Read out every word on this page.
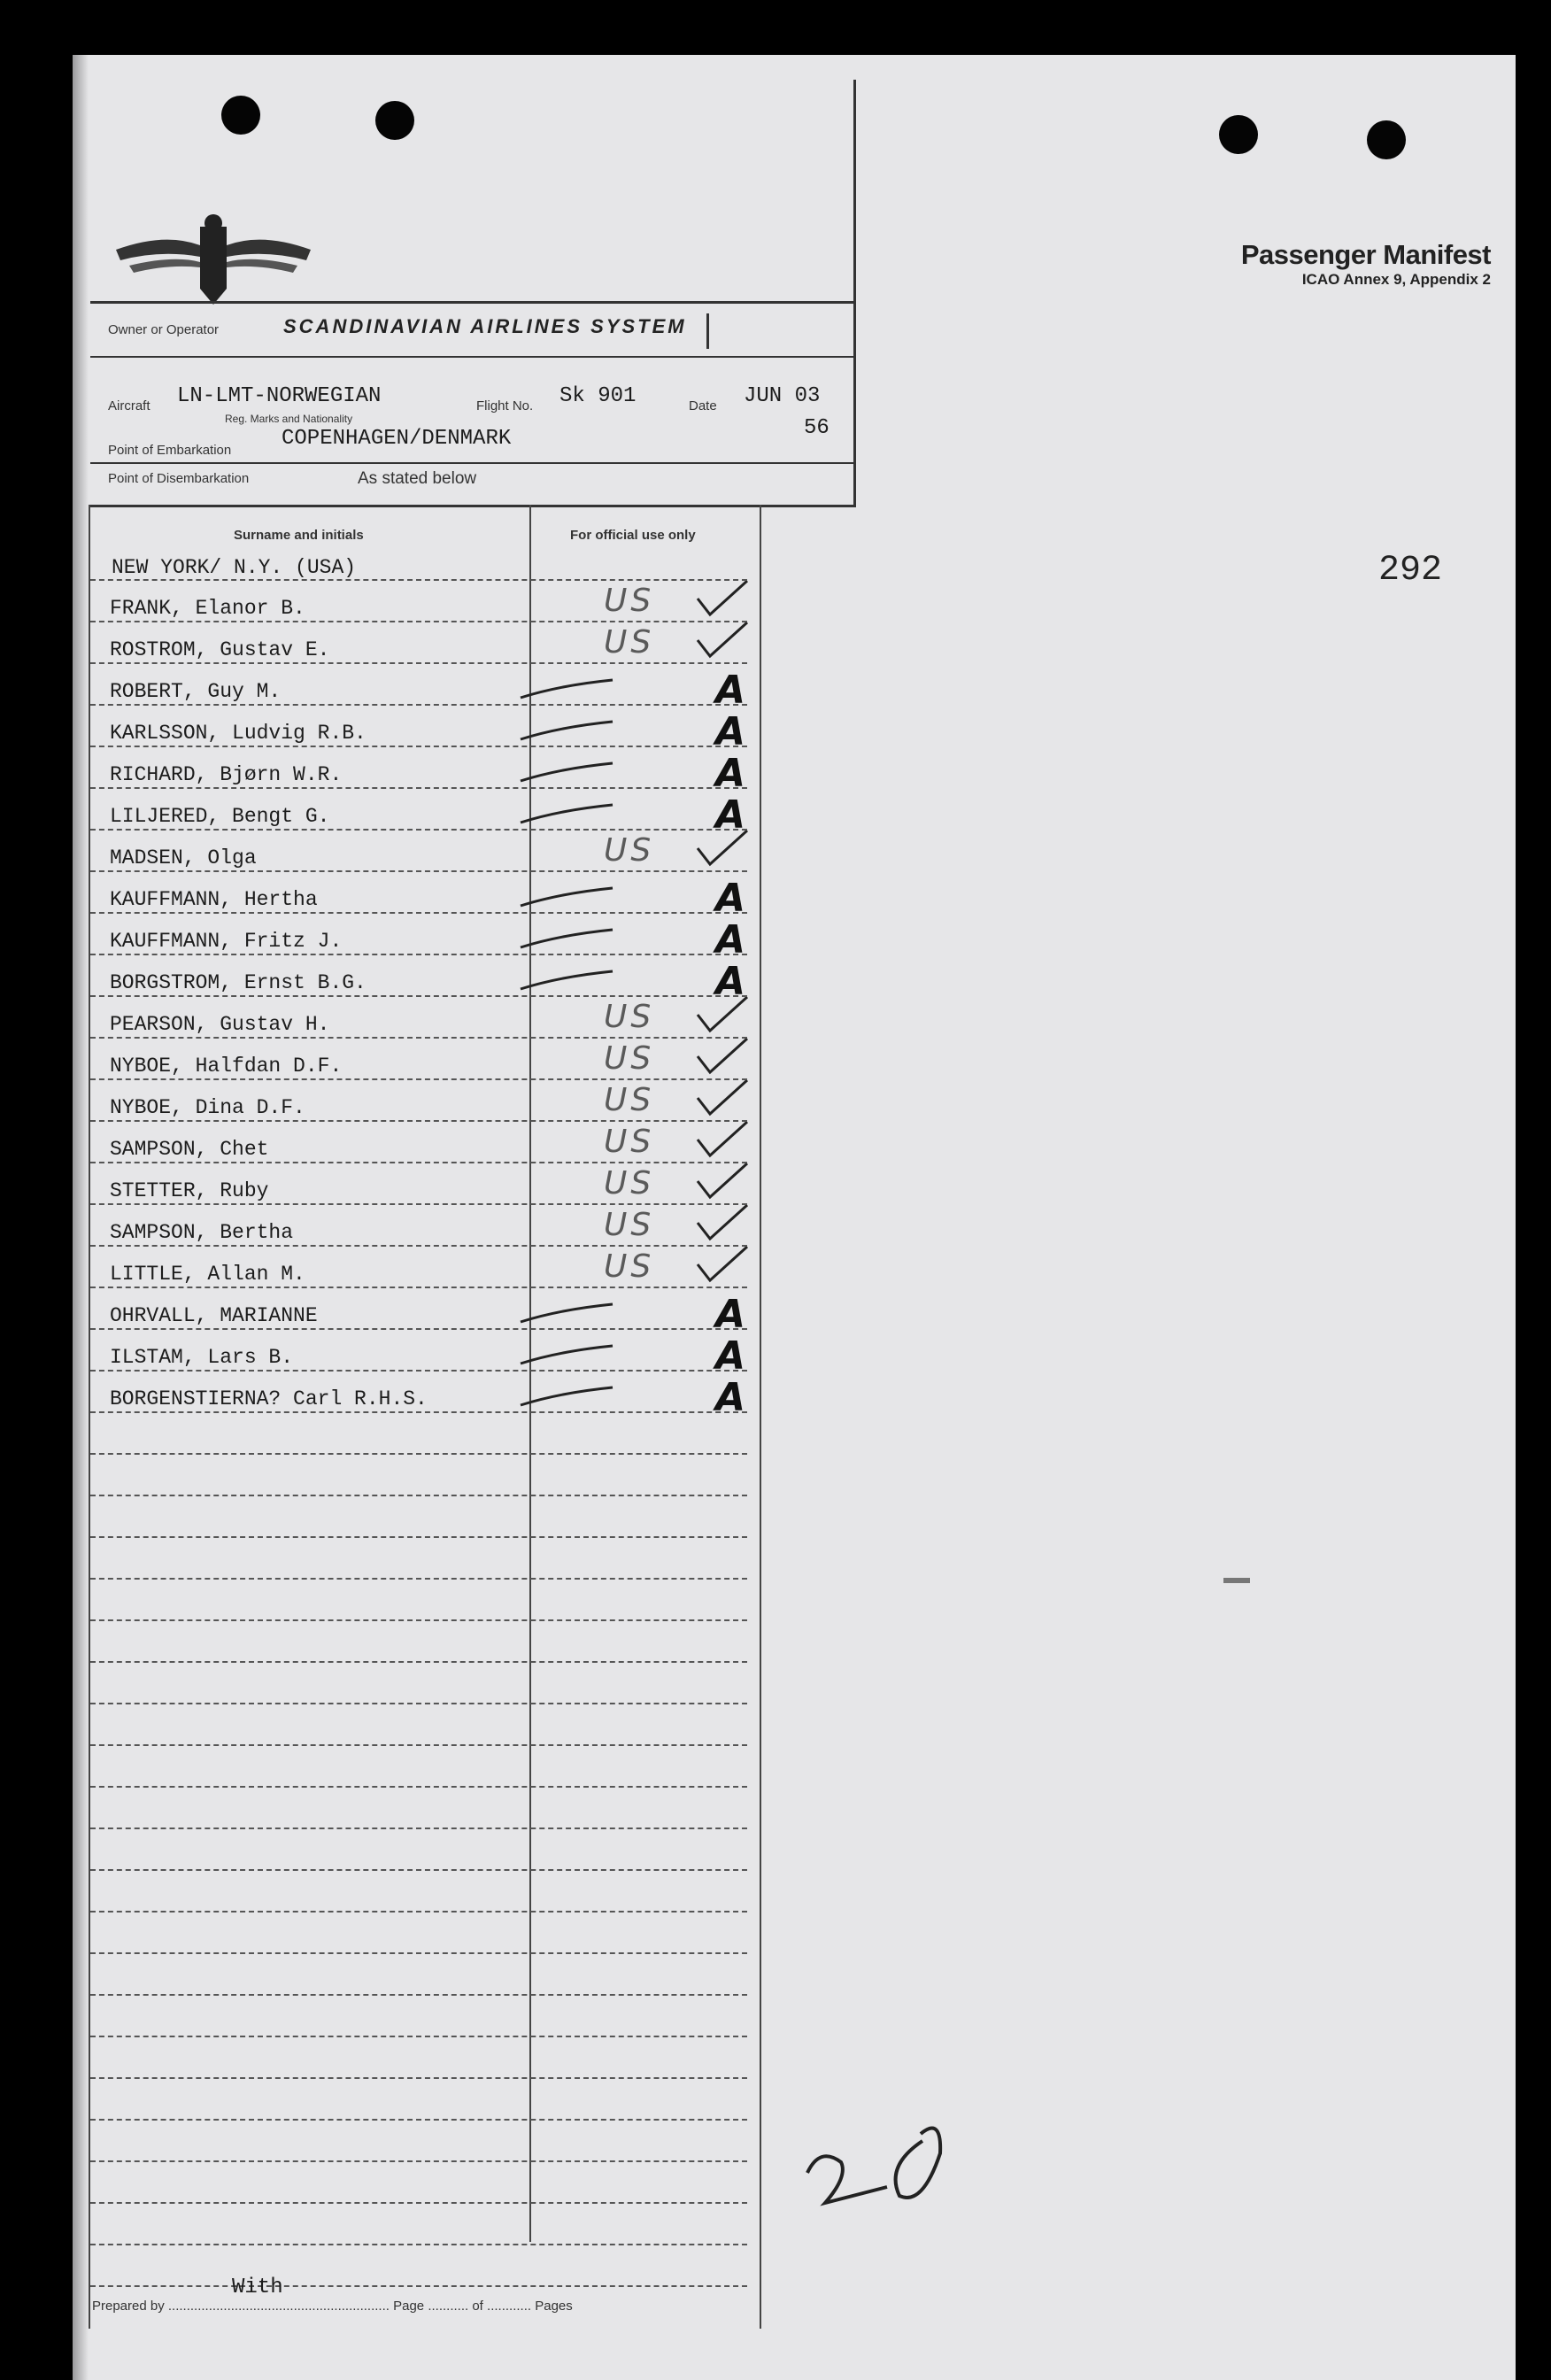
Passenger Manifest
ICAO Annex 9, Appendix 2
Owner or Operator	SCANDINAVIAN AIRLINES SYSTEM
Aircraft LN-LMT-NORWEGIAN
Reg. Marks and Nationality
Flight No. Sk 901	Date JUN 03
56
Point of Embarkation COPENHAGEN/DENMARK
Point of Disembarkation	As stated below
Surname and initials	For official use only
NEW YORK/ N.Y. (USA)
FRANK, Elanor B.	US
ROSTROM, Gustav E.	US
ROBERT, Guy M.	A
KARLSSON, Ludvig R.B.	A
RICHARD, Bjørn W.R.	A
LILJERED, Bengt G.	A
MADSEN, Olga	US
KAUFFMANN, Hertha	A
KAUFFMANN, Fritz J.	A
BORGSTROM, Ernst B.G.	A
PEARSON, Gustav H.	US
NYBOE, Halfdan D.F.	US
NYBOE, Dina D.F.	US
SAMPSON, Chet	US
STETTER, Ruby	US
SAMPSON, Bertha	US
LITTLE, Allan M.	US
OHRVALL, MARIANNE	A
ILSTAM, Lars B.	A
BORGENSTIERNA? Carl R.H.S.	A
292
With
Prepared by ............................................................ Page ........... of ............ Pages
